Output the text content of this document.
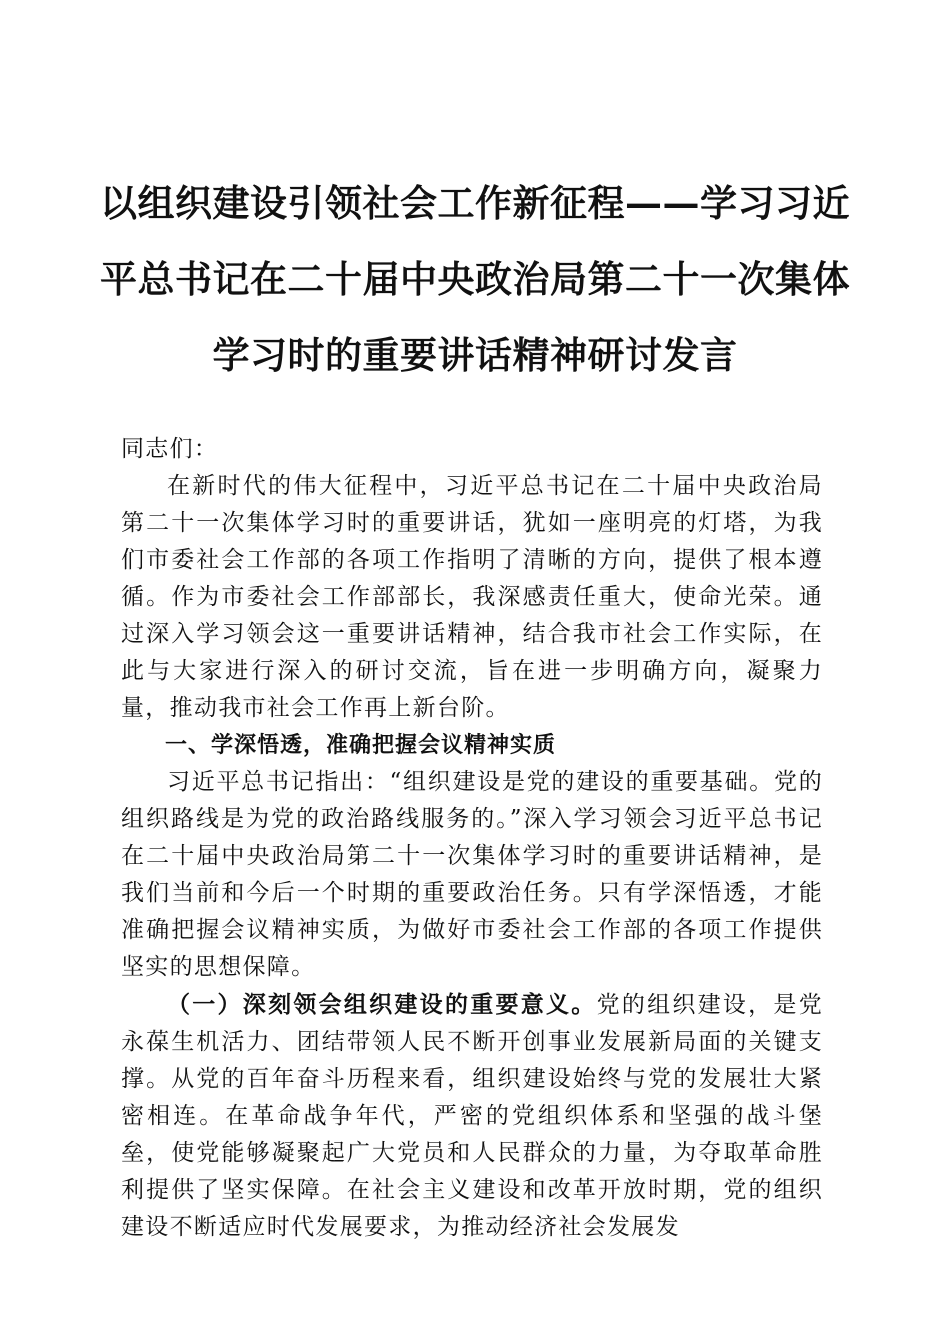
以组织建设引领社会工作新征程——学习习近平总书记在二十届中央政治局第二十一次集体学习时的重要讲话精神研讨发言

同志们：

在新时代的伟大征程中，习近平总书记在二十届中央政治局第二十一次集体学习时的重要讲话，犹如一座明亮的灯塔，为我们市委社会工作部的各项工作指明了清晰的方向，提供了根本遵循。作为市委社会工作部部长，我深感责任重大，使命光荣。通过深入学习领会这一重要讲话精神，结合我市社会工作实际，在此与大家进行深入的研讨交流，旨在进一步明确方向，凝聚力量，推动我市社会工作再上新台阶。

一、学深悟透，准确把握会议精神实质

习近平总书记指出：“组织建设是党的建设的重要基础。党的组织路线是为党的政治路线服务的。”深入学习领会习近平总书记在二十届中央政治局第二十一次集体学习时的重要讲话精神，是我们当前和今后一个时期的重要政治任务。只有学深悟透，才能准确把握会议精神实质，为做好市委社会工作部的各项工作提供坚实的思想保障。

（一）深刻领会组织建设的重要意义。党的组织建设，是党永葆生机活力、团结带领人民不断开创事业发展新局面的关键支撑。从党的百年奋斗历程来看，组织建设始终与党的发展壮大紧密相连。在革命战争年代，严密的党组织体系和坚强的战斗堡垒，使党能够凝聚起广大党员和人民群众的力量，为夺取革命胜利提供了坚实保障。在社会主义建设和改革开放时期，党的组织建设不断适应时代发展要求，为推动经济社会发展发
